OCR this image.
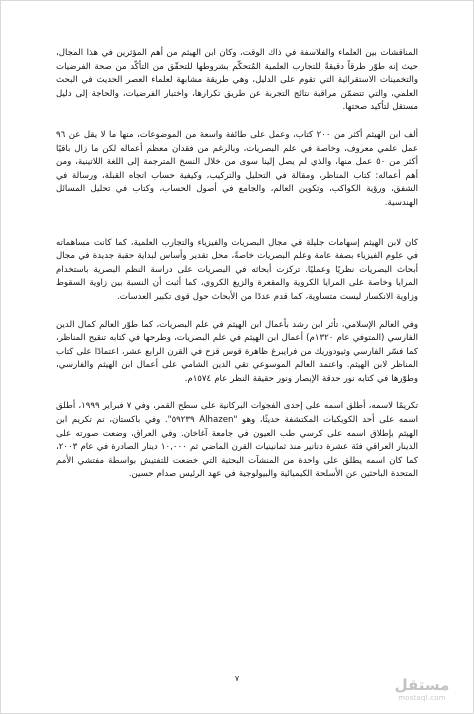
المناقشات بين العلماء والفلاسفة في ذاك الوقت، وكان ابن الهيثم من أهم المؤثرين في هذا المجال، حيث إنه طوّر طرقاً دقيقةً للتجارب العلمية المُتحكّم بشروطها للتحقّق من التأكّد من صحة الفرضيات والتخمينات الاستقرائية التي تقوم على الدليل، وهي طريقة مشابهة لعلماء العصر الحديث في البحث العلمي، والتي تتضمّن مراقبة نتائج التجربة عن طريق تكرارها، واختبار الفرضيات، والحاجة إلى دليل مستقل لتأكيد صحتها.

ألف ابن الهيثم أكثر من ٢٠٠ كتاب، وعمل على طائفة واسعة من الموضوعات، منها ما لا يقل عن ٩٦ عمل علمي معروف، وخاصة في علم البصريات، وبالرغم من فقدان معظم أعماله لكن ما زال باقيًا أكثر من ٥٠ عمل منها، والذي لم يصل إلينا سوى من خلال النسخ المترجمة إلى اللغة اللاتينية، ومن أهم أعماله: كتاب المناظر، ومقالة في التحليل والتركيب، وكيفية حساب اتجاه القبلة، ورسالة في الشفق، ورؤية الكواكب، وتكوين العالم، والجامع في أصول الحساب، وكتاب في تحليل المسائل الهندسية.

كان لابن الهيثم إسهامات جليلة في مجال البصريات والفيزياء والتجارب العلمية، كما كانت مساهماته في علوم الفيزياء بصفة عامة وعلم البصريات خاصةً، محل تقدير وأساس لبداية حقبة جديدة في مجال أبحاث البصريات نظريًا وعمليًا. تركزت أبحاثه في البصريات على دراسة النظم البصرية باستخدام المرايا وخاصة على المرايا الكروية والمقعرة والزيغ الكروي، كما أثبت أن النسبة بين زاوية السقوط وزاوية الانكسار ليست متساوية، كما قدم عددًا من الأبحاث حول قوى تكبير العدسات.

وفي العالم الإسلامي، تأثر ابن رشد بأعمال ابن الهيثم في علم البصريات، كما طوّر العالم كمال الدين الفارسي (المتوفي عام ١٣٢٠م) أعمال ابن الهيثم في علم البصريات، وطرحها في كتابه تنقيح المناظر، كما فسّر الفارسي وثيودوريك من فرايبرغ ظاهرة قوس قزح في القرن الرابع عشر، اعتمادًا على كتاب المناظر لابن الهيثم. واعتمد العالم الموسوعي تقي الدين الشامي على أعمال ابن الهيثم والفارسي، وطوّرها في كتابه نور حدقة الإبصار ونور حقيقة النظر عام ١٥٧٤م.

تكريمًا لاسمه، أطلق اسمه على إحدى الفجوات البركانية على سطح القمر، وفي ٧ فبراير ١٩٩٩، أطلق اسمه على أحد الكويكبات المكتشفة حديثًا، وهو "Alhazen ٥٩٢٣٩". وفي باكستان، تم تكريم ابن الهيثم بإطلاق اسمه على كرسي طب العيون في جامعة آغاخان. وفي العراق، وضعت صورته على الدينار العراقي فئة عشرة دنانير منذ ثمانينيات القرن الماضي ثم ١٠,٠٠٠ دينار الصادرة في عام ٢٠٠٣، كما كان اسمه يطلق على واحدة من المنشآت البحثية التي خضعت للتفتيش بواسطة مفتشي الأمم المتحدة الباحثين عن الأسلحة الكيميائية والبيولوجية في عهد الرئيس صدام حسين.

٧	مستقل
mostaql.com
